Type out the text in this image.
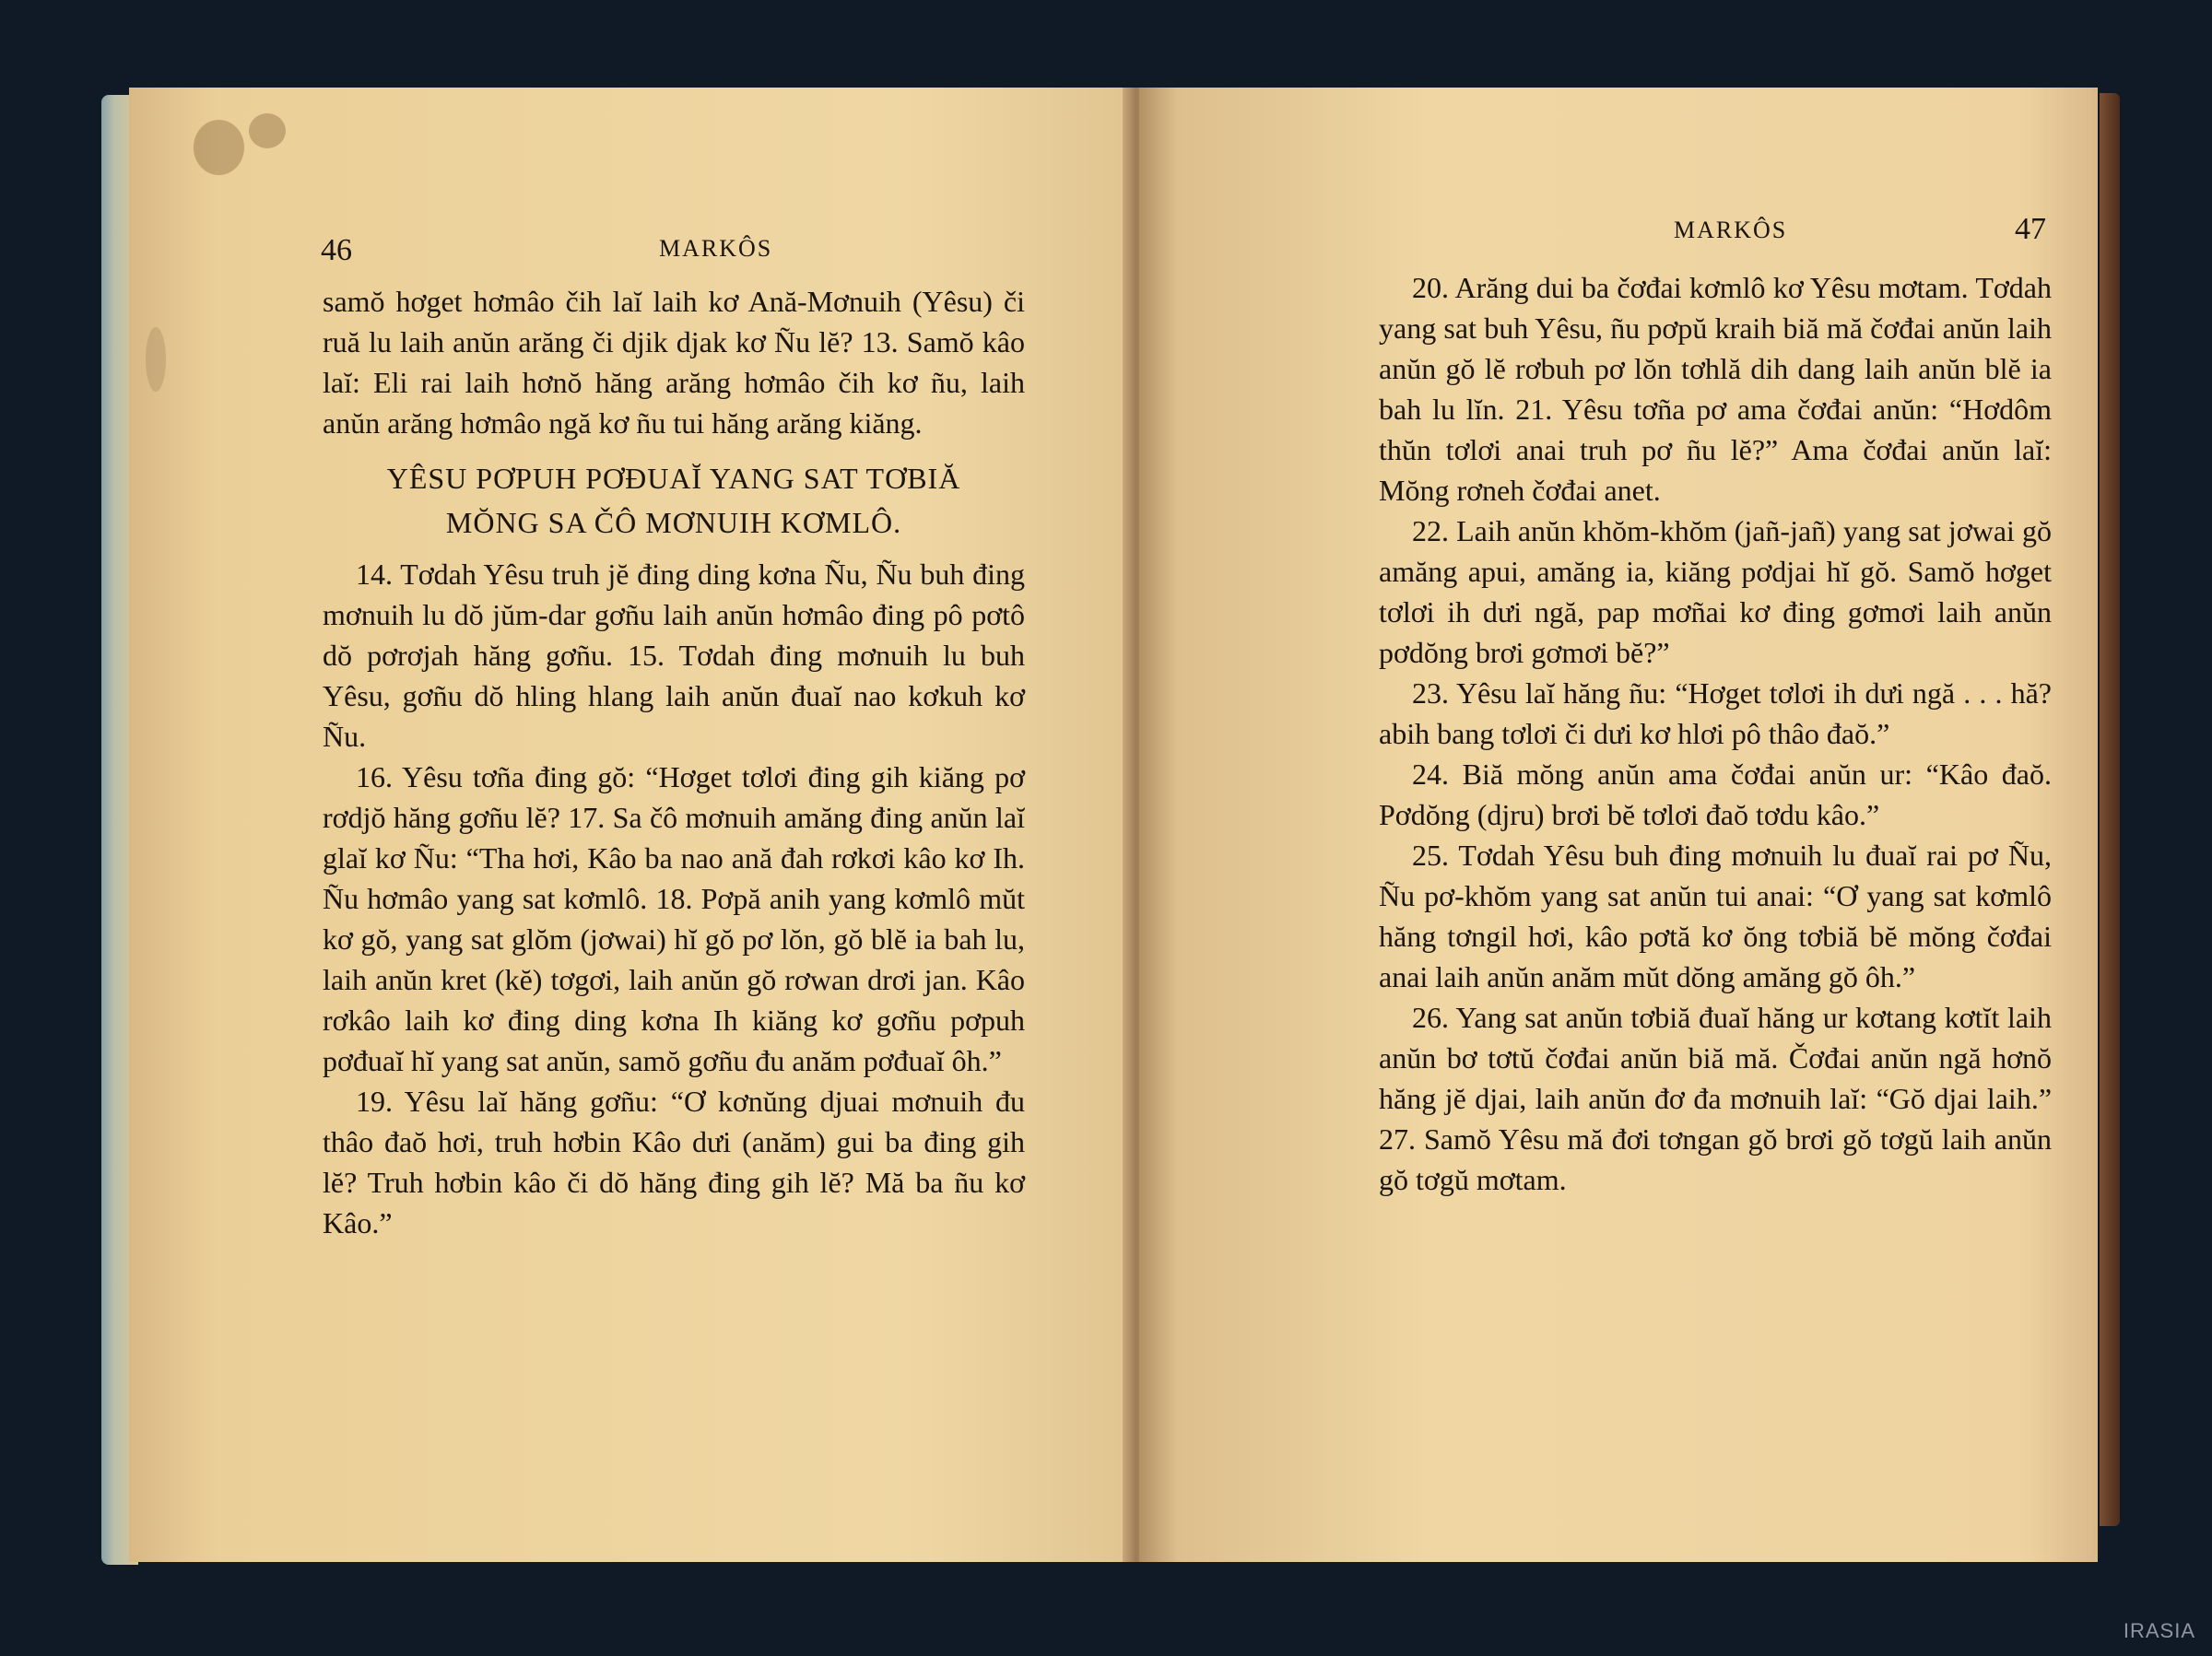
46	MARKÔS

samŏ hơget hơmâo čih laĭ laih kơ Ană-Mơnuih (Yêsu) či ruă lu laih anŭn arăng či djik djak kơ Ñu lĕ? 13. Samŏ kâo laĭ: Eli rai laih hơnŏ hăng arăng hơmâo čih kơ ñu, laih anŭn arăng hơmâo ngă kơ ñu tui hăng arăng kiăng.

YÊSU PƠPUH PƠĐUAĬ YANG SAT TƠBIĂ
MŎNG SA ČÔ MƠNUIH KƠMLÔ.

14. Tơdah Yêsu truh jĕ đing ding kơna Ñu, Ñu buh đing mơnuih lu dŏ jŭm-dar gơñu laih anŭn hơmâo đing pô pơtô dŏ pơrơjah hăng gơñu. 15. Tơdah đing mơnuih lu buh Yêsu, gơñu dŏ hling hlang laih anŭn đuaĭ nao kơkuh kơ Ñu.

16. Yêsu tơña đing gŏ: “Hơget tơlơi đing gih kiăng pơ rơdjŏ hăng gơñu lĕ? 17. Sa čô mơnuih amăng đing anŭn laĭ glaĭ kơ Ñu: “Tha hơi, Kâo ba nao ană đah rơkơi kâo kơ Ih. Ñu hơmâo yang sat kơmlô. 18. Pơpă anih yang kơmlô mŭt kơ gŏ, yang sat glŏm (jơwai) hĭ gŏ pơ lŏn, gŏ blĕ ia bah lu, laih anŭn kret (kĕ) tơgơi, laih anŭn gŏ rơwan drơi jan. Kâo rơkâo laih kơ đing ding kơna Ih kiăng kơ gơñu pơpuh pơđuaĭ hĭ yang sat anŭn, samŏ gơñu đu anăm pơđuaĭ ôh.”

19. Yêsu laĭ hăng gơñu: “Ơ kơnŭng djuai mơnuih đu thâo đaŏ hơi, truh hơbin Kâo dưi (anăm) gui ba đing gih lĕ? Truh hơbin kâo či dŏ hăng đing gih lĕ? Mă ba ñu kơ Kâo.”

MARKÔS	47

20. Arăng dui ba čơđai kơmlô kơ Yêsu mơtam. Tơdah yang sat buh Yêsu, ñu pơpŭ kraih biă mă čơđai anŭn laih anŭn gŏ lĕ rơbuh pơ lŏn tơhlă dih dang laih anŭn blĕ ia bah lu lĭn. 21. Yêsu tơña pơ ama čơđai anŭn: “Hơdôm thŭn tơlơi anai truh pơ ñu lĕ?” Ama čơđai anŭn laĭ: Mŏng rơneh čơđai anet.

22. Laih anŭn khŏm-khŏm (jañ-jañ) yang sat jơwai gŏ amăng apui, amăng ia, kiăng pơdjai hĭ gŏ. Samŏ hơget tơlơi ih dưi ngă, pap mơñai kơ đing gơmơi laih anŭn pơdŏng brơi gơmơi bĕ?”

23. Yêsu laĭ hăng ñu: “Hơget tơlơi ih dưi ngă . . . hă? abih bang tơlơi či dưi kơ hlơi pô thâo đaŏ.”

24. Biă mŏng anŭn ama čơđai anŭn ur: “Kâo đaŏ. Pơdŏng (djru) brơi bĕ tơlơi đaŏ tơdu kâo.”

25. Tơdah Yêsu buh đing mơnuih lu đuaĭ rai pơ Ñu, Ñu pơ-khŏm yang sat anŭn tui anai: “Ơ yang sat kơmlô hăng tơngil hơi, kâo pơtă kơ ŏng tơbiă bĕ mŏng čơđai anai laih anŭn anăm mŭt dŏng amăng gŏ ôh.”

26. Yang sat anŭn tơbiă đuaĭ hăng ur kơtang kơtĭt laih anŭn bơ tơtŭ čơđai anŭn biă mă. Čơđai anŭn ngă hơnŏ hăng jĕ djai, laih anŭn đơ đa mơnuih laĭ: “Gŏ djai laih.” 27. Samŏ Yêsu mă đơi tơngan gŏ brơi gŏ tơgŭ laih anŭn gŏ tơgŭ mơtam.

IRASIA
